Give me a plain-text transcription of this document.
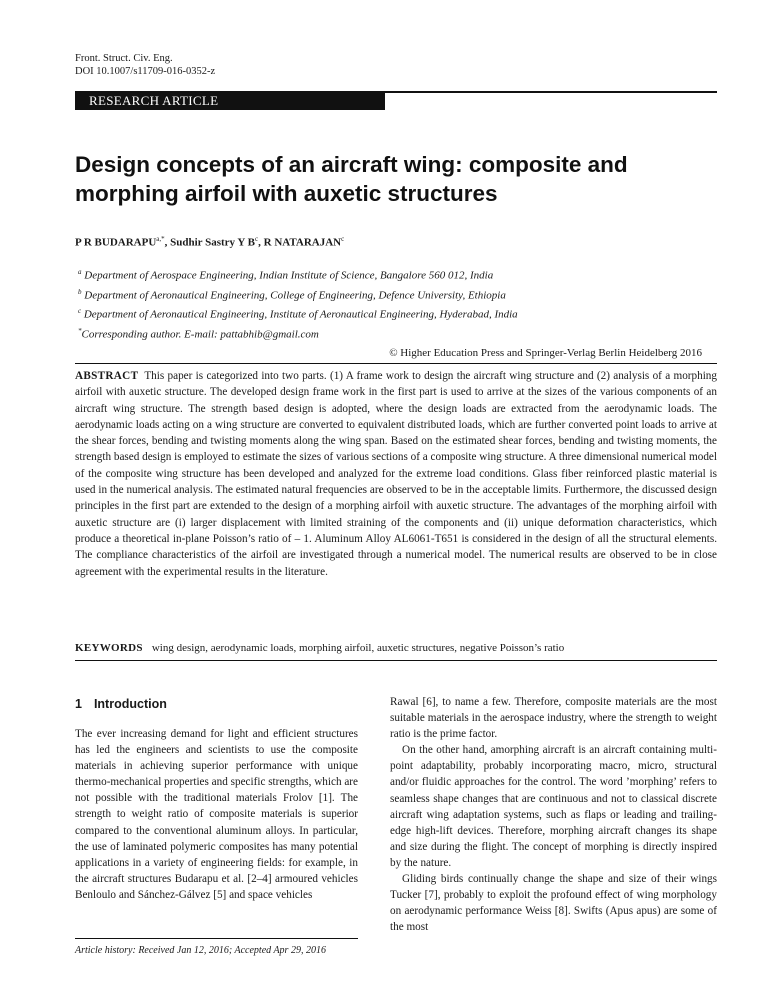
Front. Struct. Civ. Eng.
DOI 10.1007/s11709-016-0352-z
RESEARCH ARTICLE
Design concepts of an aircraft wing: composite and morphing airfoil with auxetic structures
P R $BUDARAPU^{a,*}$, Sudhir Sastry Y $B^c$, R NATARAJAN$^c$
$^a$ Department of Aerospace Engineering, Indian Institute of Science, Bangalore 560 012, India
$^b$ Department of Aeronautical Engineering, College of Engineering, Defence University, Ethiopia
$^c$ Department of Aeronautical Engineering, Institute of Aeronautical Engineering, Hyderabad, India
*Corresponding author. E-mail: pattabhib@gmail.com
© Higher Education Press and Springer-Verlag Berlin Heidelberg 2016
ABSTRACT This paper is categorized into two parts. (1) A frame work to design the aircraft wing structure and (2) analysis of a morphing airfoil with auxetic structure. The developed design frame work in the first part is used to arrive at the sizes of the various components of an aircraft wing structure. The strength based design is adopted, where the design loads are extracted from the aerodynamic loads. The aerodynamic loads acting on a wing structure are converted to equivalent distributed loads, which are further converted point loads to arrive at the shear forces, bending and twisting moments along the wing span. Based on the estimated shear forces, bending and twisting moments, the strength based design is employed to estimate the sizes of various sections of a composite wing structure. A three dimensional numerical model of the composite wing structure has been developed and analyzed for the extreme load conditions. Glass fiber reinforced plastic material is used in the numerical analysis. The estimated natural frequencies are observed to be in the acceptable limits. Furthermore, the discussed design principles in the first part are extended to the design of a morphing airfoil with auxetic structure. The advantages of the morphing airfoil with auxetic structure are (i) larger displacement with limited straining of the components and (ii) unique deformation characteristics, which produce a theoretical in-plane Poisson’s ratio of – 1. Aluminum Alloy AL6061-T651 is considered in the design of all the structural elements. The compliance characteristics of the airfoil are investigated through a numerical model. The numerical results are observed to be in close agreement with the experimental results in the literature.
KEYWORDS wing design, aerodynamic loads, morphing airfoil, auxetic structures, negative Poisson’s ratio
1 Introduction

The ever increasing demand for light and efficient structures has led the engineers and scientists to use the composite materials in achieving superior performance with unique thermo-mechanical properties and specific strengths, which are not possible with the traditional materials Frolov [1]. The strength to weight ratio of composite materials is superior compared to the conventional aluminum alloys. In particular, the use of laminated polymeric composites has many potential applications in a variety of engineering fields: for example, in the aircraft structures Budarapu et al. [2–4] armoured vehicles Benloulo and Sánchez-Gálvez [5] and space vehicles

Rawal [6], to name a few. Therefore, composite materials are the most suitable materials in the aerospace industry, where the strength to weight ratio is the prime factor.

On the other hand, amorphing aircraft is an aircraft containing multi-point adaptability, probably incorporating macro, micro, structural and/or fluidic approaches for the control. The word ’morphing’ refers to seamless shape changes that are continuous and not to classical discrete aircraft wing adaptation systems, such as flaps or leading and trailing-edge high-lift devices. Therefore, morphing aircraft changes its shape and size during the flight. The concept of morphing is directly inspired by the nature.

Gliding birds continually change the shape and size of their wings Tucker [7], probably to exploit the profound effect of wing morphology on aerodynamic performance Weiss [8]. Swifts (Apus apus) are some of the most

Article history: Received Jan 12, 2016; Accepted Apr 29, 2016
